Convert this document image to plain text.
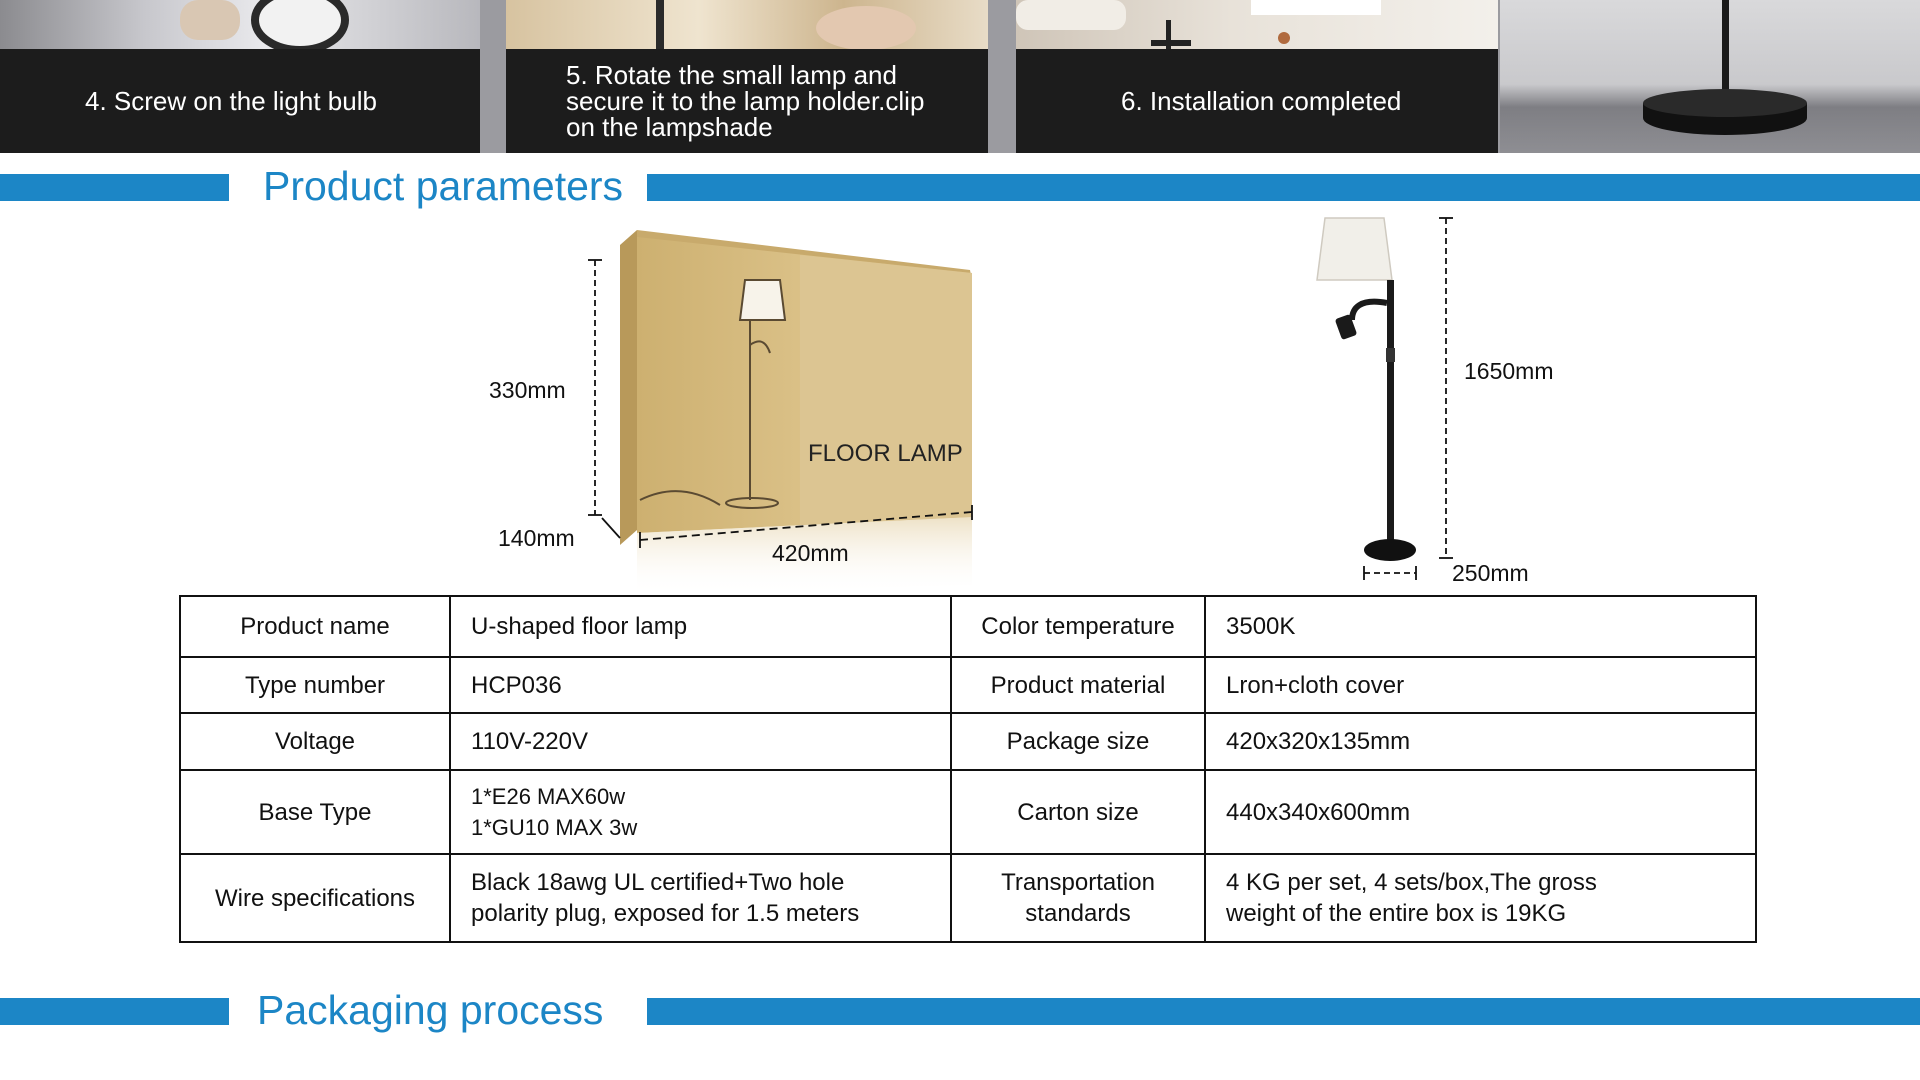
4. Screw on the light bulb
5. Rotate the small lamp and
secure it to the lamp holder.clip
on the lampshade
6. Installation completed
Product parameters
FLOOR LAMP
330mm
140mm
420mm
1650mm
250mm
Product name	U-shaped floor lamp	Color temperature	3500K

Type number	HCP036	Product material	Lron+cloth cover

Voltage	110V-220V	Package size	420x320x135mm

Base Type	1*E26 MAX60w
1*GU10 MAX 3w	Carton size	440x340x600mm

Wire specifications	Black 18awg UL certified+Two hole
polarity plug, exposed for 1.5 meters	Transportation
standards	4 KG per set, 4 sets/box,The gross
weight of the entire box is 19KG
Packaging process
